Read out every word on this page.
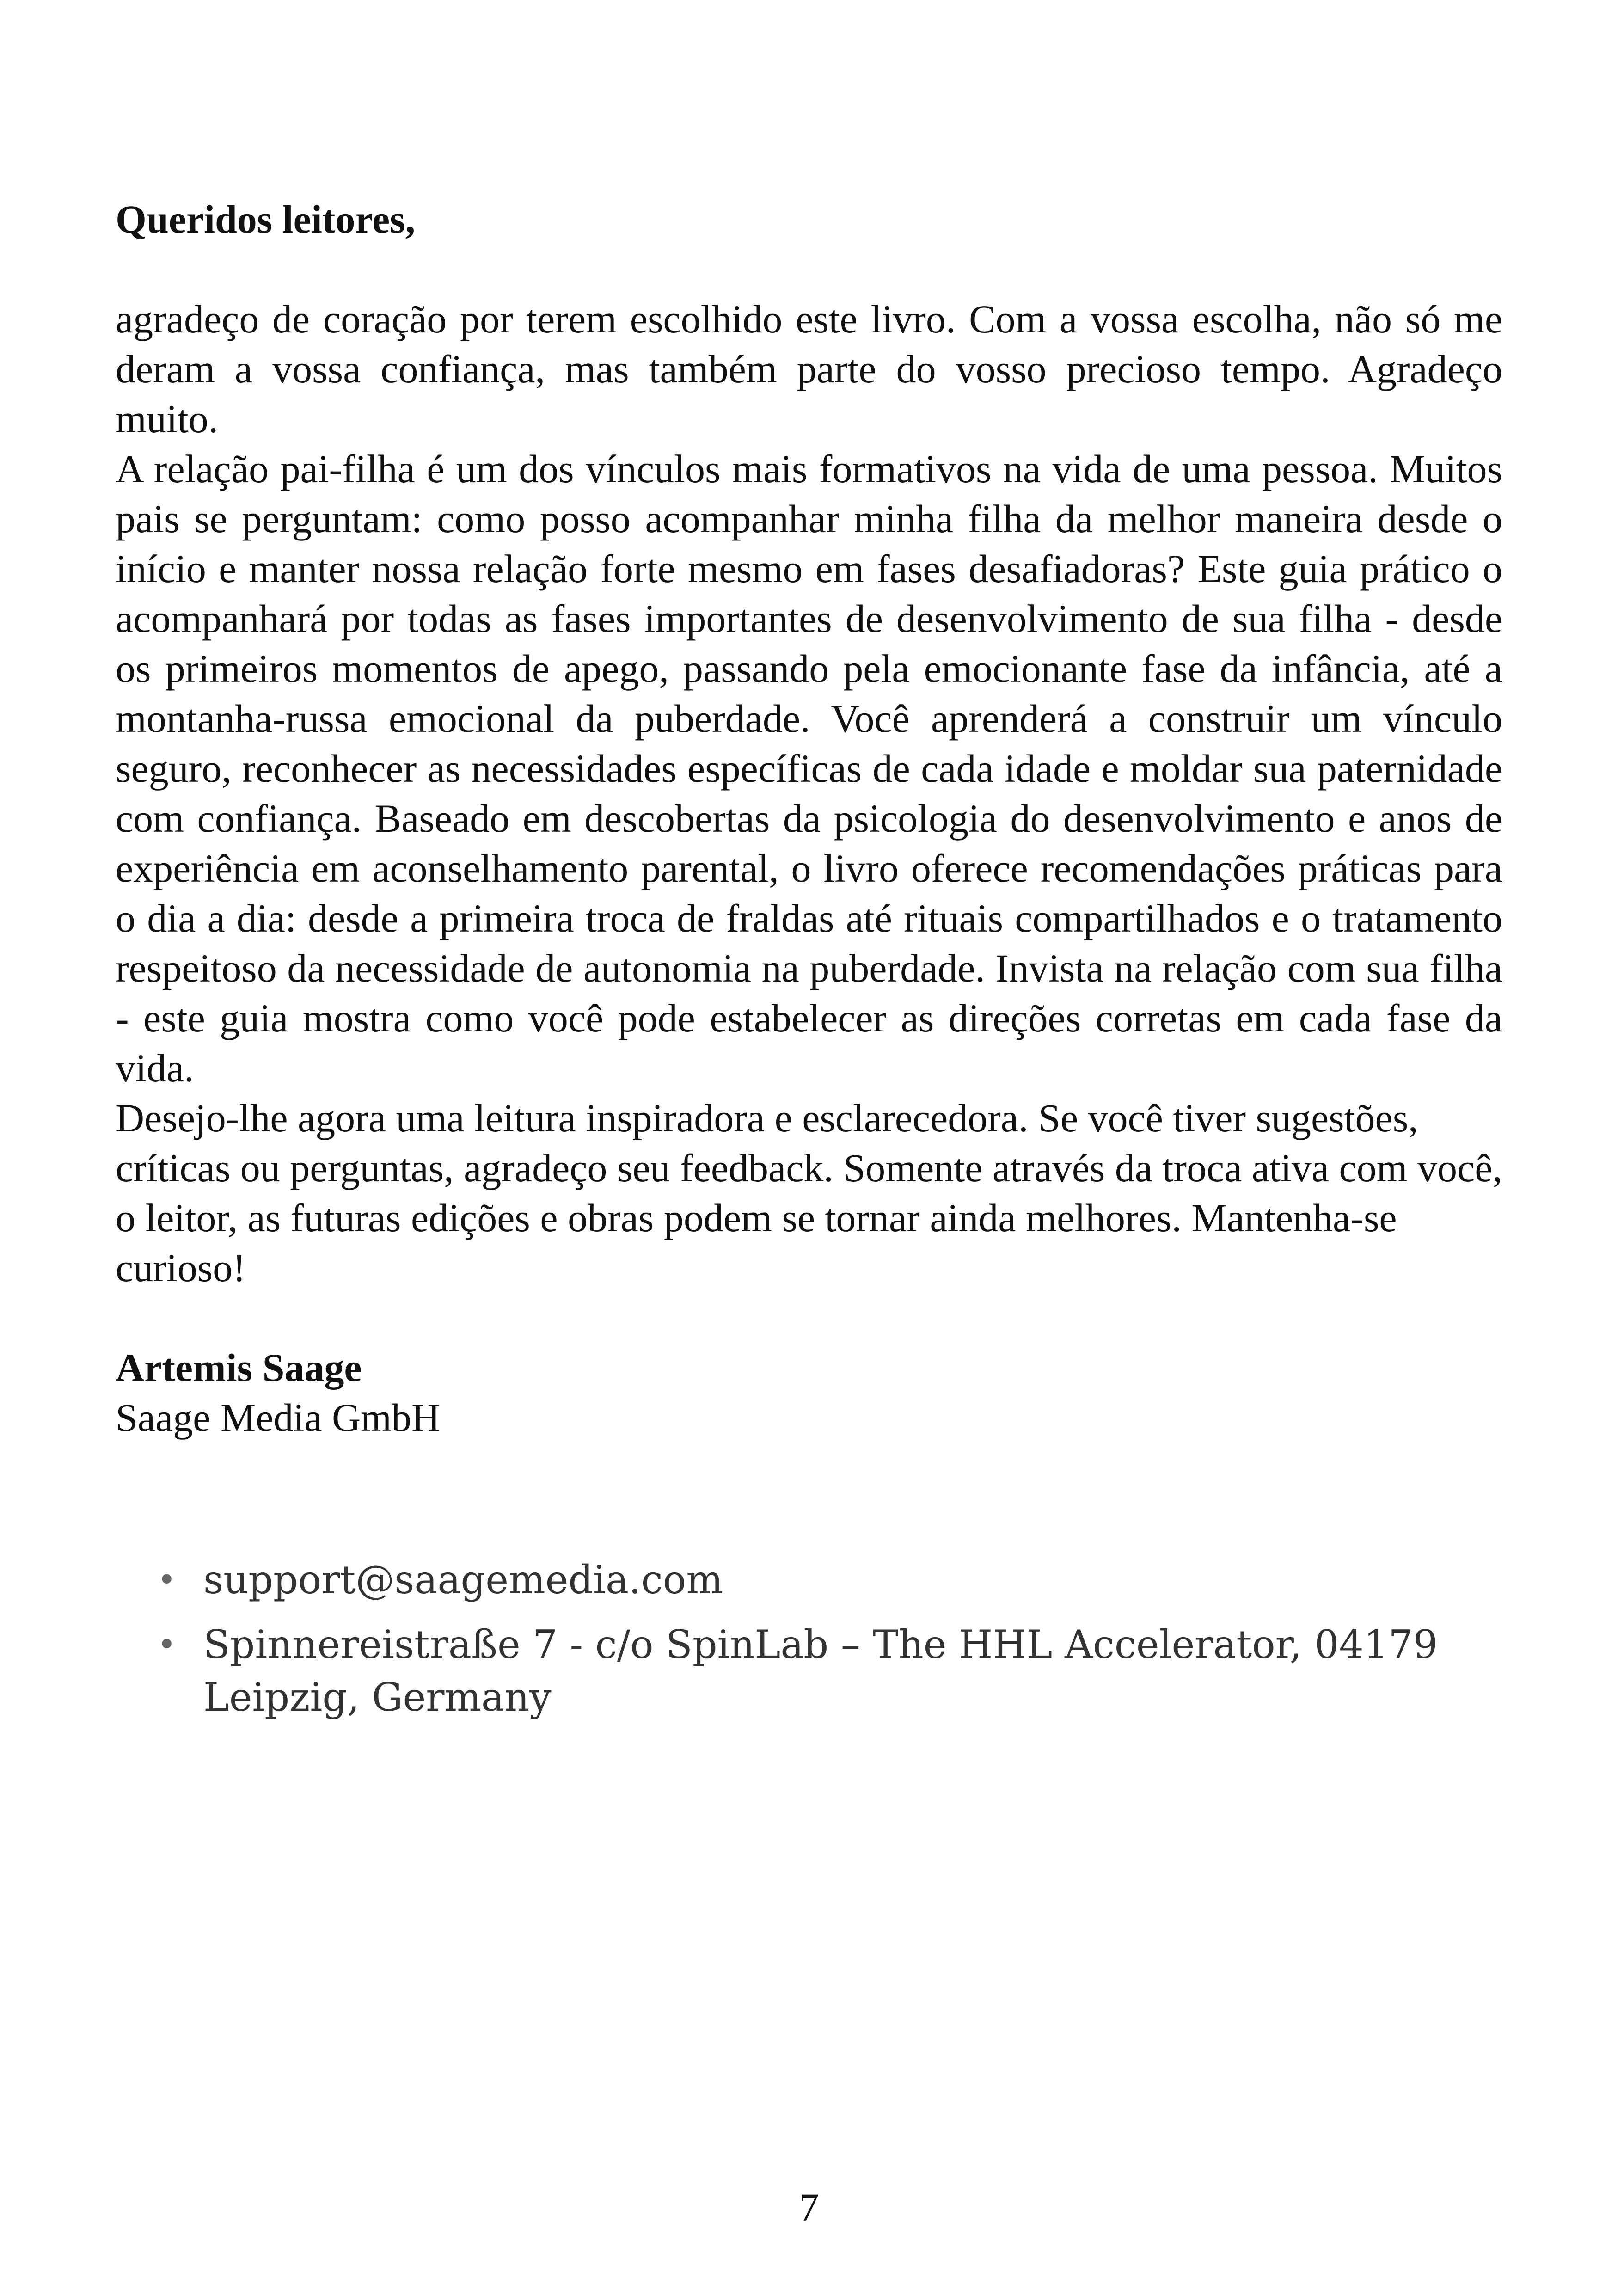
Queridos leitores,

agradeço de coração por terem escolhido este livro. Com a vossa escolha, não só me deram a vossa confiança, mas também parte do vosso precioso tempo. Agradeço muito.

A relação pai-filha é um dos vínculos mais formativos na vida de uma pessoa. Muitos pais se perguntam: como posso acompanhar minha filha da melhor maneira desde o início e manter nossa relação forte mesmo em fases desafiadoras? Este guia prático o acompanhará por todas as fases importantes de desenvolvimento de sua filha - desde os primeiros momentos de apego, passando pela emocionante fase da infância, até a montanha-russa emocional da puberdade. Você aprenderá a construir um vínculo seguro, reconhecer as necessidades específicas de cada idade e moldar sua paternidade com confiança. Baseado em descobertas da psicologia do desenvolvimento e anos de experiência em aconselhamento parental, o livro oferece recomendações práticas para o dia a dia: desde a primeira troca de fraldas até rituais compartilhados e o tratamento respeitoso da necessidade de autonomia na puberdade. Invista na relação com sua filha - este guia mostra como você pode estabelecer as direções corretas em cada fase da vida.

Desejo-lhe agora uma leitura inspiradora e esclarecedora. Se você tiver sugestões, críticas ou perguntas, agradeço seu feedback. Somente através da troca ativa com você, o leitor, as futuras edições e obras podem se tornar ainda melhores. Mantenha-se curioso!

Artemis Saage

Saage Media GmbH

• support@saagemedia.com
• Spinnereistraße 7 - c/o SpinLab – The HHL Accelerator, 04179 Leipzig, Germany
7
